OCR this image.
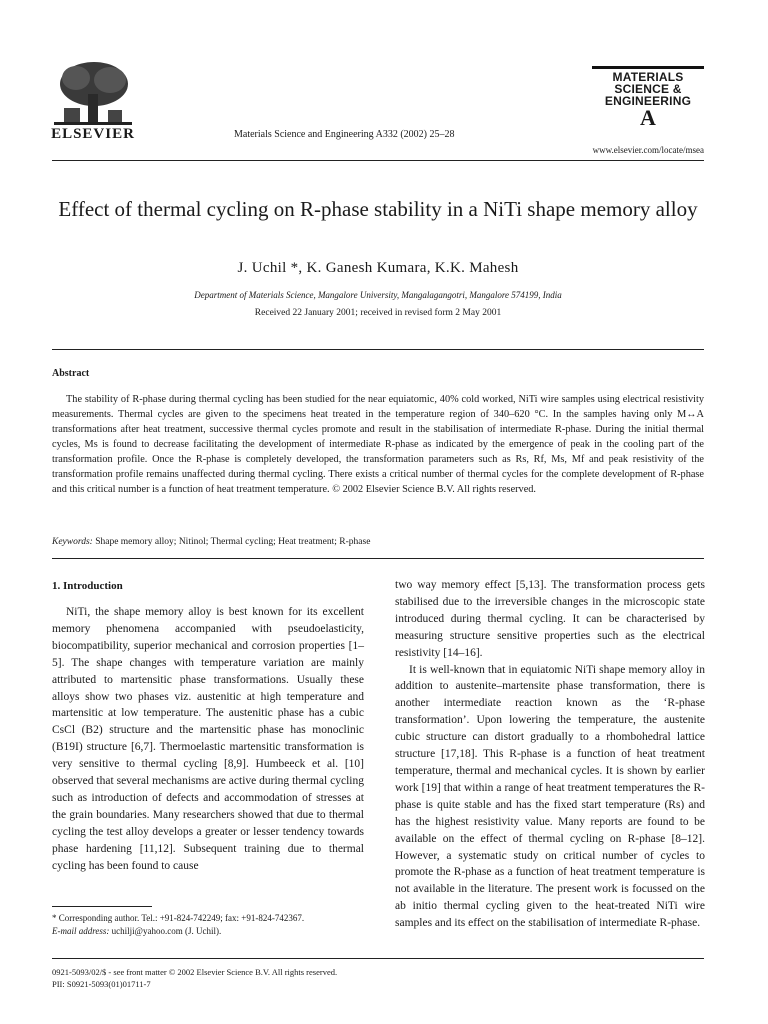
ELSEVIER	Materials Science and Engineering A332 (2002) 25–28
MATERIALS
SCIENCE &
ENGINEERING
A
www.elsevier.com/locate/msea
Effect of thermal cycling on R-phase stability in a NiTi shape memory alloy
J. Uchil *, K. Ganesh Kumara, K.K. Mahesh
Department of Materials Science, Mangalore University, Mangalagangotri, Mangalore 574199, India
Received 22 January 2001; received in revised form 2 May 2001
Abstract
The stability of R-phase during thermal cycling has been studied for the near equiatomic, 40% cold worked, NiTi wire samples using electrical resistivity measurements. Thermal cycles are given to the specimens heat treated in the temperature region of 340–620 °C. In the samples having only M↔A transformations after heat treatment, successive thermal cycles promote and result in the stabilisation of intermediate R-phase. During the initial thermal cycles, Ms is found to decrease facilitating the development of intermediate R-phase as indicated by the emergence of peak in the cooling part of the transformation profile. Once the R-phase is completely developed, the transformation parameters such as Rs, Rf, Ms, Mf and peak resistivity of the transformation profile remains unaffected during thermal cycling. There exists a critical number of thermal cycles for the complete development of R-phase and this critical number is a function of heat treatment temperature. © 2002 Elsevier Science B.V. All rights reserved.
Keywords: Shape memory alloy; Nitinol; Thermal cycling; Heat treatment; R-phase
1. Introduction

NiTi, the shape memory alloy is best known for its excellent memory phenomena accompanied with pseudoelasticity, biocompatibility, superior mechanical and corrosion properties [1–5]. The shape changes with temperature variation are mainly attributed to martensitic phase transformations. Usually these alloys show two phases viz. austenitic at high temperature and martensitic at low temperature. The austenitic phase has a cubic CsCl (B2) structure and the martensitic phase has monoclinic (B19I) structure [6,7]. Thermoelastic martensitic transformation is very sensitive to thermal cycling [8,9]. Humbeeck et al. [10] observed that several mechanisms are active during thermal cycling such as introduction of defects and accommodation of stresses at the grain boundaries. Many researchers showed that due to thermal cycling the test alloy develops a greater or lesser tendency towards phase hardening [11,12]. Subsequent training due to thermal cycling has been found to cause

two way memory effect [5,13]. The transformation process gets stabilised due to the irreversible changes in the microscopic state introduced during thermal cycling. It can be characterised by measuring structure sensitive properties such as the electrical resistivity [14–16].

It is well-known that in equiatomic NiTi shape memory alloy in addition to austenite–martensite phase transformation, there is another intermediate reaction known as the ‘R-phase transformation’. Upon lowering the temperature, the austenite cubic structure can distort gradually to a rhombohedral lattice structure [17,18]. This R-phase is a function of heat treatment temperature, thermal and mechanical cycles. It is shown by earlier work [19] that within a range of heat treatment temperatures the R-phase is quite stable and has the fixed start temperature (Rs) and has the highest resistivity value. Many reports are found to be available on the effect of thermal cycling on R-phase [8–12]. However, a systematic study on critical number of cycles to promote the R-phase as a function of heat treatment temperature is not available in the literature. The present work is focussed on the ab initio thermal cycling given to the heat-treated NiTi wire samples and its effect on the stabilisation of intermediate R-phase.

* Corresponding author. Tel.: +91-824-742249; fax: +91-824-742367.
E-mail address: uchilji@yahoo.com (J. Uchil).
0921-5093/02/$ - see front matter © 2002 Elsevier Science B.V. All rights reserved.
PII: S0921-5093(01)01711-7
